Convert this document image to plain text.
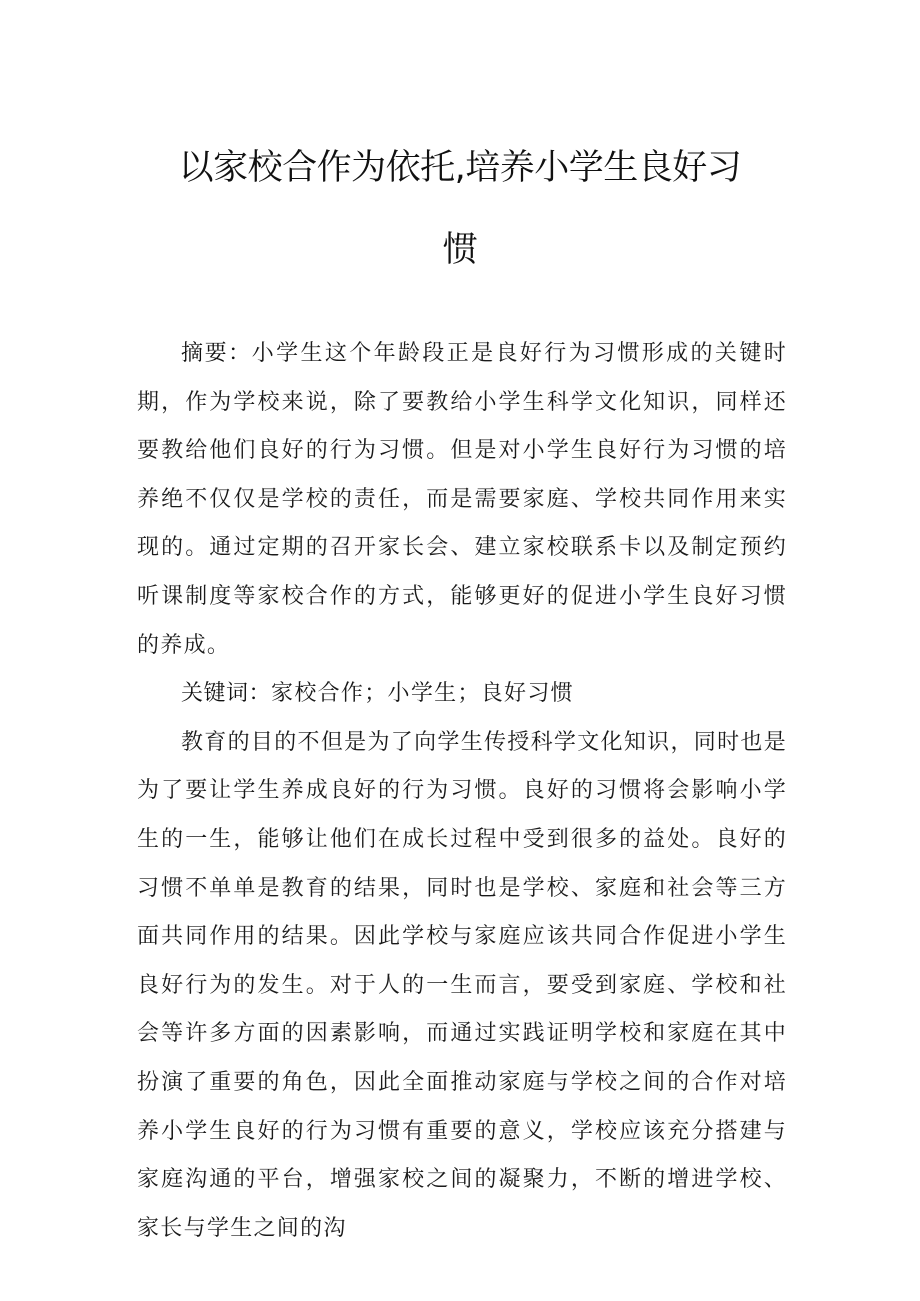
以家校合作为依托,培养小学生良好习
惯

摘要：小学生这个年龄段正是良好行为习惯形成的关键时期，作为学校来说，除了要教给小学生科学文化知识，同样还要教给他们良好的行为习惯。但是对小学生良好行为习惯的培养绝不仅仅是学校的责任，而是需要家庭、学校共同作用来实现的。通过定期的召开家长会、建立家校联系卡以及制定预约听课制度等家校合作的方式，能够更好的促进小学生良好习惯的养成。

关键词：家校合作；小学生；良好习惯

教育的目的不但是为了向学生传授科学文化知识，同时也是为了要让学生养成良好的行为习惯。良好的习惯将会影响小学生的一生，能够让他们在成长过程中受到很多的益处。良好的习惯不单单是教育的结果，同时也是学校、家庭和社会等三方面共同作用的结果。因此学校与家庭应该共同合作促进小学生良好行为的发生。对于人的一生而言，要受到家庭、学校和社会等许多方面的因素影响，而通过实践证明学校和家庭在其中扮演了重要的角色，因此全面推动家庭与学校之间的合作对培养小学生良好的行为习惯有重要的意义，学校应该充分搭建与家庭沟通的平台，增强家校之间的凝聚力，不断的增进学校、家长与学生之间的沟
